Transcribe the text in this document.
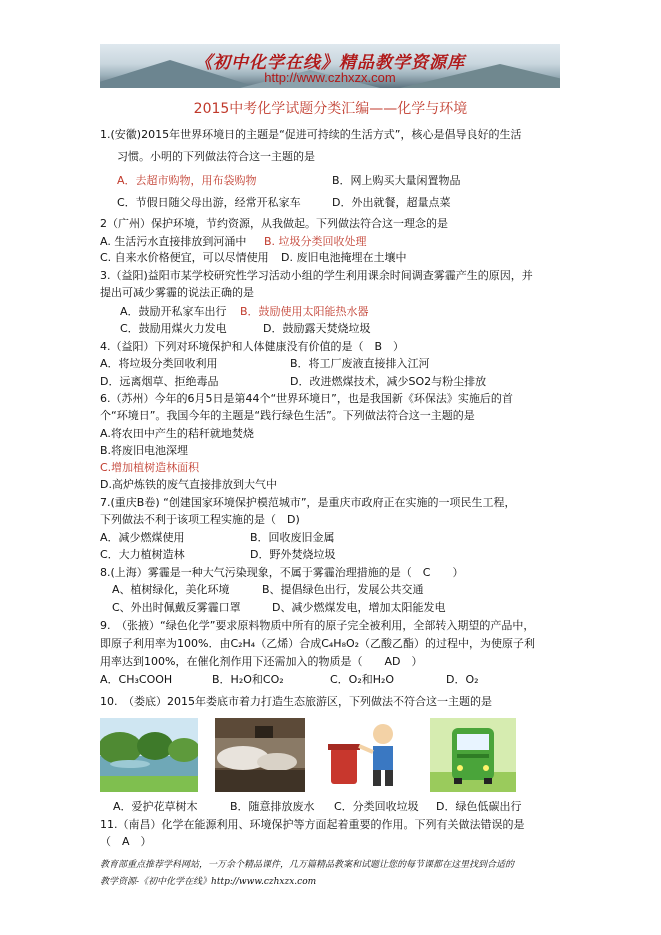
《初中化学在线》精品教学资源库
http://www.czhxzx.com
2015中考化学试题分类汇编——化学与环境
1.(安徽)2015年世界环境日的主题是“促进可持续的生活方式”，核心是倡导良好的生活
习惯。小明的下列做法符合这一主题的是
A．去超市购物，用布袋购物	B．网上购买大量闲置物品
C．节假日随父母出游，经常开私家车	D．外出就餐，超量点菜
2（广州）保护环境，节约资源，从我做起。下列做法符合这一理念的是
A. 生活污水直接排放到河涌中 B. 垃圾分类回收处理
C. 自来水价格便宜，可以尽情使用 D. 废旧电池掩埋在土壤中
3.（益阳)益阳市某学校研究性学习活动小组的学生利用课余时间调查雾霾产生的原因，并
提出可减少雾霾的说法正确的是
A．鼓励开私家车出行 B．鼓励使用太阳能热水器
C．鼓励用煤火力发电	D．鼓励露天焚烧垃圾
4.（益阳）下列对环境保护和人体健康没有价值的是（　B　）
A．将垃圾分类回收利用	B．将工厂废液直接排入江河
D．远离烟草、拒绝毒品	D．改进燃煤技术，减少SO2与粉尘排放
6.（苏州）今年的6月5日是第44个“世界环境日”，也是我国新《环保法》实施后的首
个“环境日”。我国今年的主题是“践行绿色生活”。下列做法符合这一主题的是
A.将农田中产生的秸秆就地焚烧
B.将废旧电池深埋
C.增加植树造林面积
D.高炉炼铁的废气直接排放到大气中
7.(重庆B卷) “创建国家环境保护模范城市”，是重庆市政府正在实施的一项民生工程，
下列做法不利于该项工程实施的是（　D)
A．减少燃煤使用	B．回收废旧金属
C．大力植树造林	D．野外焚烧垃圾
8.(上海）雾霾是一种大气污染现象，不属于雾霾治理措施的是（　C　　）
A、植树绿化，美化环境	B、提倡绿色出行，发展公共交通
C、外出时佩戴反雾霾口罩	D、减少燃煤发电，增加太阳能发电
9.　（张掖）“绿色化学”要求原料物质中所有的原子完全被利用，全部转入期望的产品中，
即原子利用率为100%．由C₂H₄（乙烯）合成C₄H₈O₂（乙酸乙酯）的过程中，为使原子利
用率达到100%，在催化剂作用下还需加入的物质是（　　AD　）
A．CH₃COOH	B．H₂O和CO₂	C．O₂和H₂O	D．O₂
10.　（娄底）2015年娄底市着力打造生态旅游区，下列做法不符合这一主题的是
A．爱护花草树木	B．随意排放废水 C．分类回收垃圾 D．绿色低碳出行
11.（南昌）化学在能源利用、环境保护等方面起着重要的作用。下列有关做法错误的是
（　A　）
教育部重点推荐学科网站，一万余个精品课件，几万篇精品教案和试题让您的每节课都在这里找到合适的
教学资源-《初中化学在线》http://www.czhxzx.com
